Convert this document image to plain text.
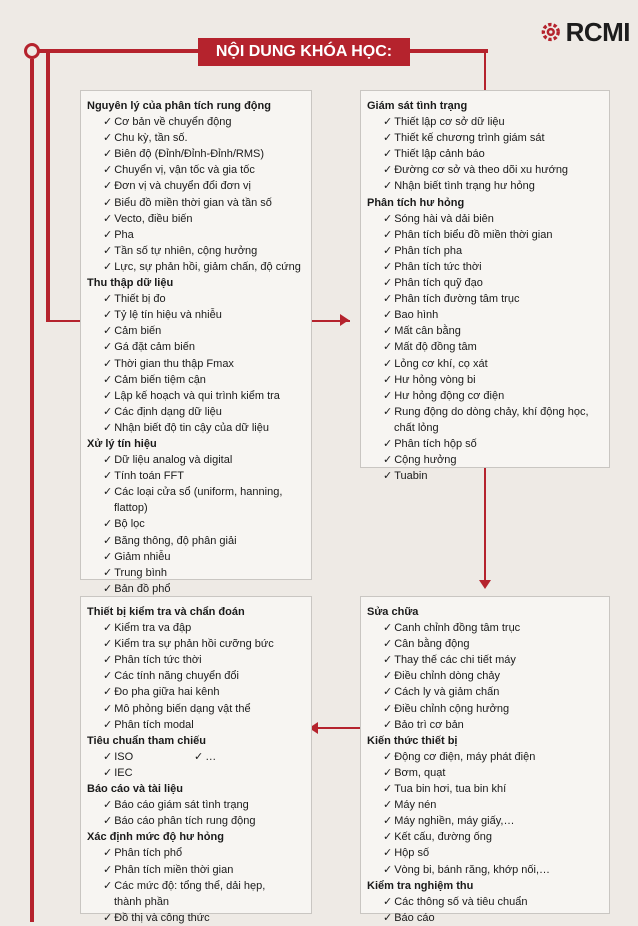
RCMI
NỘI DUNG KHÓA HỌC:
Nguyên lý của phân tích rung động
✓ Cơ bản về chuyển động
✓ Chu kỳ, tần số.
✓ Biên độ (Đỉnh/Đỉnh-Đỉnh/RMS)
✓ Chuyển vị, vận tốc và gia tốc
✓ Đơn vị và chuyển đổi đơn vị
✓ Biểu đồ miền thời gian và tần số
✓ Vecto, điều biến
✓ Pha
✓ Tần số tự nhiên, cộng hưởng
✓ Lực, sự phản hồi, giảm chấn, độ cứng
Thu thập dữ liệu
✓ Thiết bị đo
✓ Tỷ lệ tín hiệu và nhiễu
✓ Cảm biến
✓ Gá đặt cảm biến
✓ Thời gian thu thập Fmax
✓ Cảm biến tiệm cận
✓ Lập kế hoạch và qui trình kiểm tra
✓ Các định dạng dữ liệu
✓ Nhận biết độ tin cậy của dữ liệu
Xử lý tín hiệu
✓ Dữ liệu analog và digital
✓ Tính toán FFT
✓ Các loại cửa sổ (uniform, hanning,
flattop)
✓ Bộ lọc
✓ Băng thông, độ phân giải
✓ Giảm nhiễu
✓ Trung bình
✓ Bản đồ phổ
Giám sát tình trạng
✓ Thiết lập cơ sở dữ liệu
✓ Thiết kế chương trình giám sát
✓ Thiết lập cảnh báo
✓ Đường cơ sở và theo dõi xu hướng
✓ Nhận biết tình trạng hư hỏng
Phân tích hư hỏng
✓ Sóng hài và dải biên
✓ Phân tích biểu đồ miền thời gian
✓ Phân tích pha
✓ Phân tích tức thời
✓ Phân tích quỹ đạo
✓ Phân tích đường tâm trục
✓ Bao hình
✓ Mất cân bằng
✓ Mất độ đồng tâm
✓ Lỏng cơ khí, cọ xát
✓ Hư hỏng vòng bi
✓ Hư hỏng động cơ điện
✓ Rung động do dòng chảy, khí động học,
chất lỏng
✓ Phân tích hộp số
✓ Cộng hưởng
✓ Tuabin
Thiết bị kiểm tra và chẩn đoán
✓ Kiểm tra va đập
✓ Kiểm tra sự phản hồi cưỡng bức
✓ Phân tích tức thời
✓ Các tính năng chuyển đổi
✓ Đo pha giữa hai kênh
✓ Mô phỏng biến dạng vật thể
✓ Phân tích modal
Tiêu chuẩn tham chiếu
✓ ISO
✓	…
✓ IEC
Báo cáo và tài liệu
✓ Báo cáo giám sát tình trạng
✓ Báo cáo phân tích rung động
Xác định mức độ hư hỏng
✓ Phân tích phổ
✓ Phân tích miền thời gian
✓ Các mức độ: tổng thể, dải hẹp,
thành phần
✓ Đồ thị và công thức
Sửa chữa
✓ Canh chỉnh đồng tâm trục
✓ Cân bằng động
✓ Thay thế các chi tiết máy
✓ Điều chỉnh dòng chảy
✓ Cách ly và giảm chấn
✓ Điều chỉnh cộng hưởng
✓ Bảo trì cơ bản
Kiến thức thiết bị
✓ Động cơ điện, máy phát điện
✓ Bơm, quạt
✓ Tua bin hơi, tua bin khí
✓ Máy nén
✓ Máy nghiền, máy giấy,…
✓ Kết cấu, đường ống
✓ Hộp số
✓ Vòng bi, bánh răng, khớp nối,…
Kiểm tra nghiệm thu
✓ Các thông số và tiêu chuẩn
✓ Báo cáo
